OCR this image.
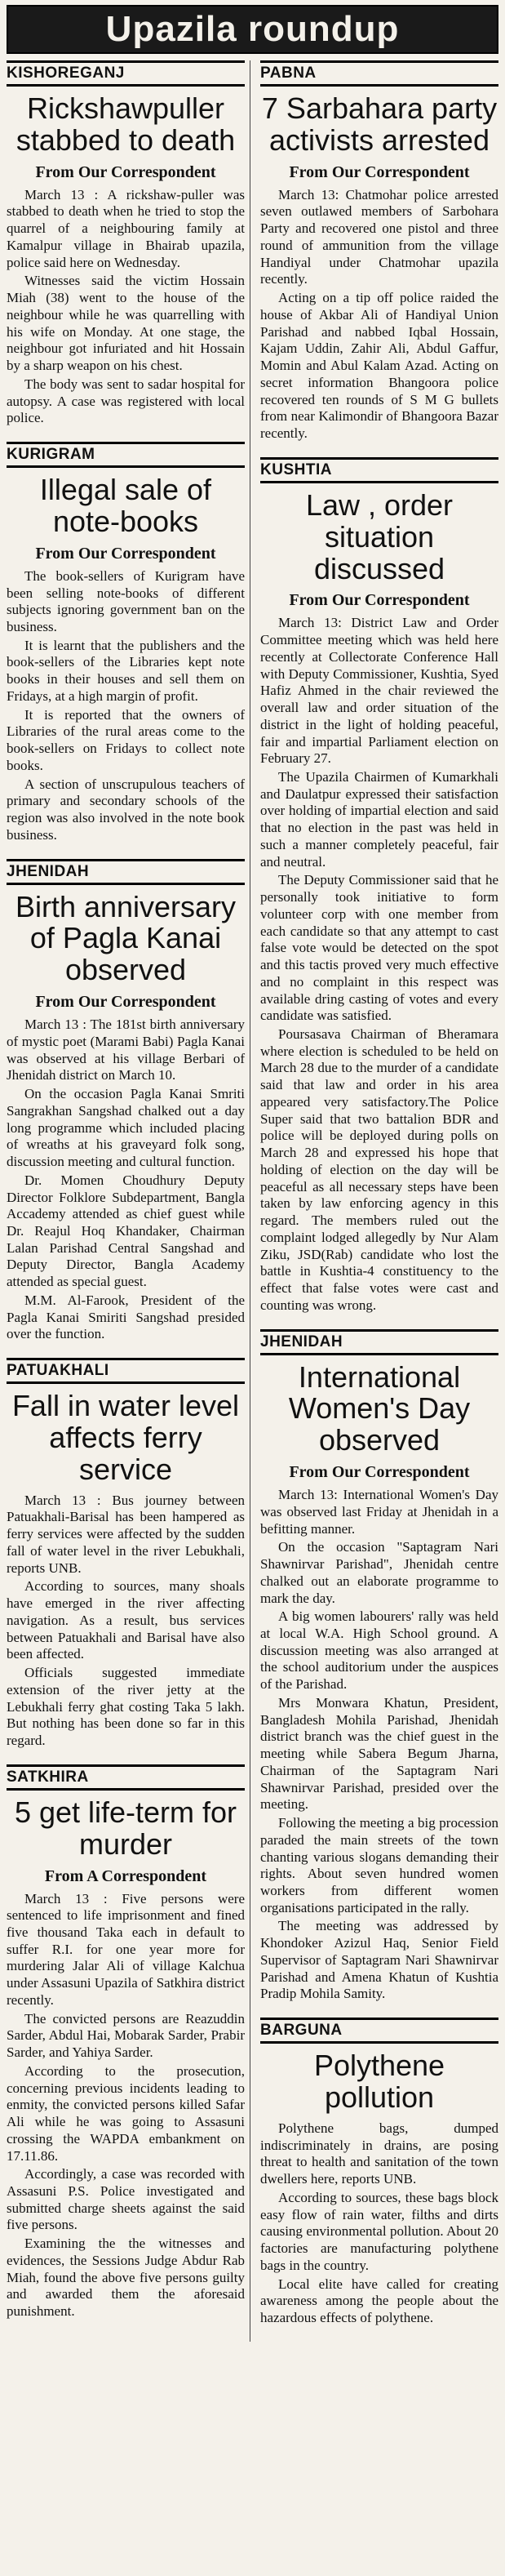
Upazila roundup
KISHOREGANJ
Rickshawpuller stabbed to death
From Our Correspondent

March 13 : A rickshaw-puller was stabbed to death when he tried to stop the quarrel of a neighbouring family at Kamalpur village in Bhairab upazila, police said here on Wednesday.

Witnesses said the victim Hossain Miah (38) went to the house of the neighbour while he was quarrelling with his wife on Monday. At one stage, the neighbour got infuriated and hit Hossain by a sharp weapon on his chest.

The body was sent to sadar hospital for autopsy. A case was registered with local police.

KURIGRAM
Illegal sale of note-books
From Our Correspondent

The book-sellers of Kurigram have been selling note-books of different subjects ignoring government ban on the business.

It is learnt that the publishers and the book-sellers of the Libraries kept note books in their houses and sell them on Fridays, at a high margin of profit.

It is reported that the owners of Libraries of the rural areas come to the book-sellers on Fridays to collect note books.

A section of unscrupulous teachers of primary and secondary schools of the region was also involved in the note book business.

JHENIDAH
Birth anniversary of Pagla Kanai observed
From Our Correspondent

March 13 : The 181st birth anniversary of mystic poet (Marami Babi) Pagla Kanai was observed at his village Berbari of Jhenidah district on March 10.

On the occasion Pagla Kanai Smriti Sangrakhan Sangshad chalked out a day long programme which included placing of wreaths at his graveyard folk song, discussion meeting and cultural function.

Dr. Momen Choudhury Deputy Director Folklore Subdepartment, Bangla Accademy attended as chief guest while Dr. Reajul Hoq Khandaker, Chairman Lalan Parishad Central Sangshad and Deputy Director, Bangla Academy attended as special guest.

M.M. Al-Farook, President of the Pagla Kanai Smiriti Sangshad presided over the function.

PATUAKHALI
Fall in water level affects ferry service

March 13 : Bus journey between Patuakhali-Barisal has been hampered as ferry services were affected by the sudden fall of water level in the river Lebukhali, reports UNB.

According to sources, many shoals have emerged in the river affecting navigation. As a result, bus services between Patuakhali and Barisal have also been affected.

Officials suggested immediate extension of the river jetty at the Lebukhali ferry ghat costing Taka 5 lakh. But nothing has been done so far in this regard.

SATKHIRA
5 get life-term for murder
From A Correspondent

March 13 : Five persons were sentenced to life imprisonment and fined five thousand Taka each in default to suffer R.I. for one year more for murdering Jalar Ali of village Kalchua under Assasuni Upazila of Satkhira district recently.

The convicted persons are Reazuddin Sarder, Abdul Hai, Mobarak Sarder, Prabir Sarder, and Yahiya Sarder.

According to the prosecution, concerning previous incidents leading to enmity, the convicted persons killed Safar Ali while he was going to Assasuni crossing the WAPDA embankment on 17.11.86.

Accordingly, a case was recorded with Assasuni P.S. Police investigated and submitted charge sheets against the said five persons.

Examining the the witnesses and evidences, the Sessions Judge Abdur Rab Miah, found the above five persons guilty and awarded them the aforesaid punishment.

PABNA
7 Sarbahara party activists arrested
From Our Correspondent

March 13: Chatmohar police arrested seven outlawed members of Sarbohara Party and recovered one pistol and three round of ammunition from the village Handiyal under Chatmohar upazila recently.

Acting on a tip off police raided the house of Akbar Ali of Handiyal Union Parishad and nabbed Iqbal Hossain, Kajam Uddin, Zahir Ali, Abdul Gaffur, Momin and Abul Kalam Azad. Acting on secret information Bhangoora police recovered ten rounds of S M G bullets from near Kalimondir of Bhangoora Bazar recently.

KUSHTIA
Law , order situation discussed
From Our Correspondent

March 13: District Law and Order Committee meeting which was held here recently at Collectorate Conference Hall with Deputy Commissioner, Kushtia, Syed Hafiz Ahmed in the chair reviewed the overall law and order situation of the district in the light of holding peaceful, fair and impartial Parliament election on February 27.

The Upazila Chairmen of Kumarkhali and Daulatpur expressed their satisfaction over holding of impartial election and said that no election in the past was held in such a manner completely peaceful, fair and neutral.

The Deputy Commissioner said that he personally took initiative to form volunteer corp with one member from each candidate so that any attempt to cast false vote would be detected on the spot and this tactis proved very much effective and no complaint in this respect was available dring casting of votes and every candidate was satisfied.

Poursasava Chairman of Bheramara where election is scheduled to be held on March 28 due to the murder of a candidate said that law and order in his area appeared very satisfactory.The Police Super said that two battalion BDR and police will be deployed during polls on March 28 and expressed his hope that holding of election on the day will be peaceful as all necessary steps have been taken by law enforcing agency in this regard. The members ruled out the complaint lodged allegedly by Nur Alam Ziku, JSD(Rab) candidate who lost the battle in Kushtia-4 constituency to the effect that false votes were cast and counting was wrong.

JHENIDAH
International Women's Day observed
From Our Correspondent

March 13: International Women's Day was observed last Friday at Jhenidah in a befitting manner.

On the occasion "Saptagram Nari Shawnirvar Parishad", Jhenidah centre chalked out an elaborate programme to mark the day.

A big women labourers' rally was held at local W.A. High School ground. A discussion meeting was also arranged at the school auditorium under the auspices of the Parishad.

Mrs Monwara Khatun, President, Bangladesh Mohila Parishad, Jhenidah district branch was the chief guest in the meeting while Sabera Begum Jharna, Chairman of the Saptagram Nari Shawnirvar Parishad, presided over the meeting.

Following the meeting a big procession paraded the main streets of the town chanting various slogans demanding their rights. About seven hundred women workers from different women organisations participated in the rally.

The meeting was addressed by Khondoker Azizul Haq, Senior Field Supervisor of Saptagram Nari Shawnirvar Parishad and Amena Khatun of Kushtia Pradip Mohila Samity.

BARGUNA
Polythene pollution

Polythene bags, dumped indiscriminately in drains, are posing threat to health and sanitation of the town dwellers here, reports UNB.

According to sources, these bags block easy flow of rain water, filths and dirts causing environmental pollution. About 20 factories are manufacturing polythene bags in the country.

Local elite have called for creating awareness among the people about the hazardous effects of polythene.
